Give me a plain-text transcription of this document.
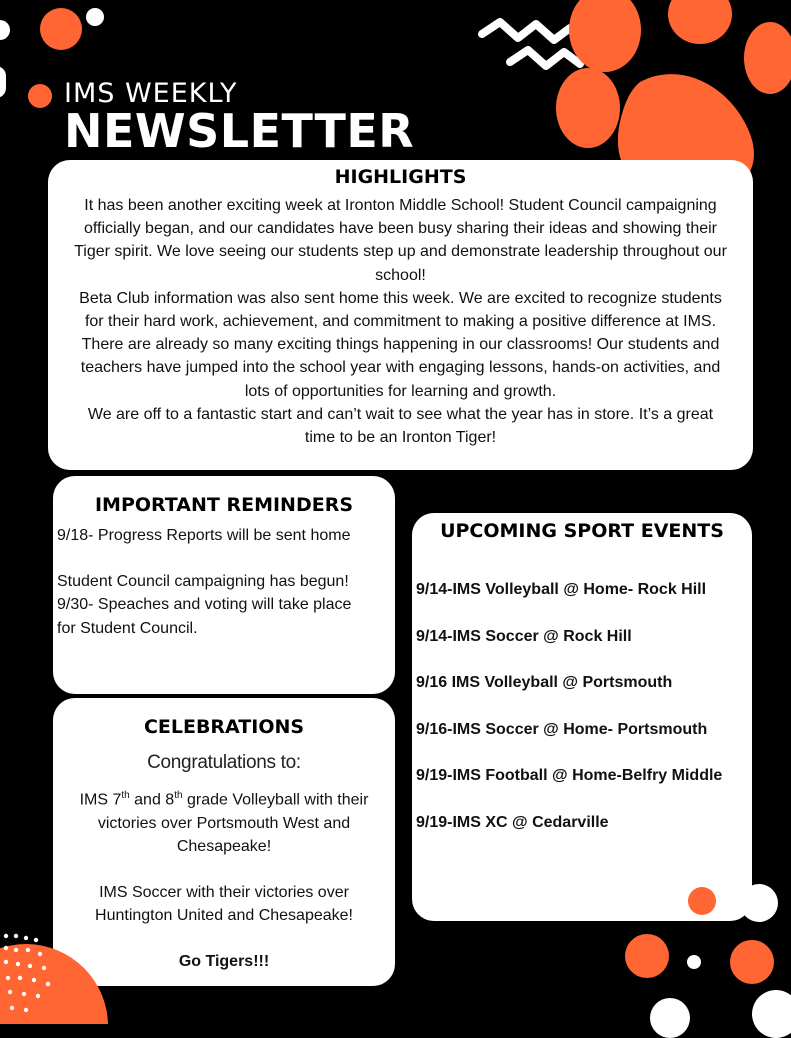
IMS WEEKLY
NEWSLETTER
HIGHLIGHTS
It has been another exciting week at Ironton Middle School! Student Council campaigning
officially began, and our candidates have been busy sharing their ideas and showing their
Tiger spirit. We love seeing our students step up and demonstrate leadership throughout our
school!
Beta Club information was also sent home this week. We are excited to recognize students
for their hard work, achievement, and commitment to making a positive difference at IMS.
There are already so many exciting things happening in our classrooms! Our students and
teachers have jumped into the school year with engaging lessons, hands-on activities, and
lots of opportunities for learning and growth.
We are off to a fantastic start and can’t wait to see what the year has in store. It’s a great
time to be an Ironton Tiger!
IMPORTANT REMINDERS
9/18- Progress Reports will be sent home
Student Council campaigning has begun!
9/30- Speaches and voting will take place
for Student Council.
CELEBRATIONS
Congratulations to:
IMS 7th and 8th grade Volleyball with their
victories over Portsmouth West and
Chesapeake!
IMS Soccer with their victories over
Huntington United and Chesapeake!
Go Tigers!!!
UPCOMING SPORT EVENTS
9/14-IMS Volleyball @ Home- Rock Hill
9/14-IMS Soccer @ Rock Hill
9/16 IMS Volleyball @ Portsmouth
9/16-IMS Soccer @ Home- Portsmouth
9/19-IMS Football @ Home-Belfry Middle
9/19-IMS XC @ Cedarville
